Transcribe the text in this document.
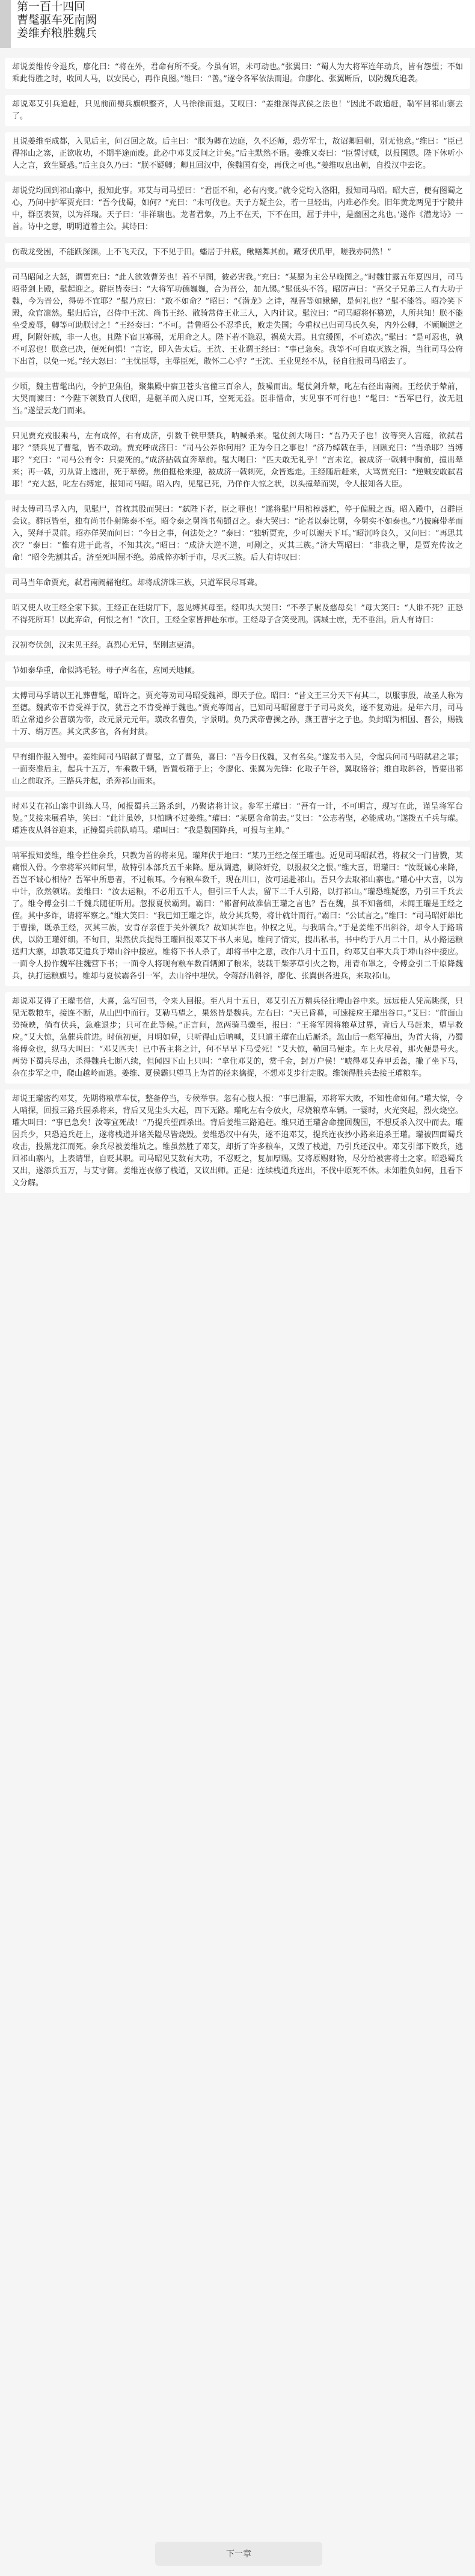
第一百十四回
曹髦驱车死南阙
姜维弃粮胜魏兵
却说姜维传令退兵，廖化曰：“将在外，君命有所不受。今虽有诏，未可动也。”张翼曰：“蜀人为大将军连年动兵，皆有怨望；不如乘此得胜之时，收回人马，以安民心，再作良图。”维曰：“善。”遂令各军依法而退。命廖化、张翼断后，以防魏兵追袭。
却说邓艾引兵追赶，只见前面蜀兵旗帜整齐，人马徐徐而退。艾叹曰：“姜维深得武侯之法也！”因此不敢追赶，勒军回祁山寨去了。
且说姜维至成都，入见后主，问召回之故。后主曰：“朕为卿在边庭，久不还师，恐劳军士，故诏卿回朝，别无他意。”维曰：“臣已得祁山之寨，正欲收功，不期半途而废。此必中邓艾反间之计矣。”后主默然不语。姜维又奏曰：“臣誓讨贼，以报国恩。陛下休听小人之言，致生疑惑。”后主良久乃曰：“朕不疑卿；卿且回汉中，俟魏国有变，再伐之可也。”姜维叹息出朝，自投汉中去讫。
却说党均回到祁山寨中，报知此事。邓艾与司马望曰：“君臣不和，必有内变。”就令党均入洛阳，报知司马昭。昭大喜，便有图蜀之心，乃问中护军贾充曰：“吾今伐蜀，如何？”充曰：“未可伐也。天子方疑主公，若一旦轻出，内难必作矣。旧年黄龙两见于宁陵井中，群臣表贺，以为祥瑞。天子曰：‘非祥瑞也。龙者君象，乃上不在天，下不在田，屈于井中，是幽困之兆也。’遂作《潜龙诗》一首。诗中之意，明明道着主公。其诗曰：
伤哉龙受困，不能跃深渊。上不飞天汉，下不见于田。蟠居于井底，鳅鳝舞其前。藏牙伏爪甲，嗟我亦同然！”
司马昭闻之大怒，谓贾充曰：“此人欲效曹芳也！若不早图，彼必害我。”充曰：“某愿为主公早晚图之。”时魏甘露五年夏四月，司马昭带剑上殿，髦起迎之。群臣皆奏曰：“大将军功德巍巍，合为晋公，加九锡。”髦低头不答。昭厉声曰：“吾父子兄弟三人有大功于魏，今为晋公，得毋不宜耶？”髦乃应曰：“敢不如命？”昭曰：“《潜龙》之诗，视吾等如鳅鳝，是何礼也？”髦不能答。昭冷笑下殿，众官凛然。髦归后宫，召侍中王沈、尚书王经、散骑常侍王业三人，入内计议。髦泣曰：“司马昭将怀篡逆，人所共知！朕不能坐受废辱，卿等可助朕讨之！”王经奏曰：“不可。昔鲁昭公不忍季氏，败走失国；今重权已归司马氏久矣，内外公卿，不顾顺逆之理，阿附奸贼，非一人也。且陛下宿卫寡弱，无用命之人。陛下若不隐忍，祸莫大焉。且宜缓图，不可造次。”髦曰：“是可忍也，孰不可忍也！朕意已决，便死何惧！”言讫，即入告太后。王沈、王业谓王经曰：“事已急矣。我等不可自取灭族之祸，当往司马公府下出首，以免一死。”经大怒曰：“主忧臣辱，主辱臣死，敢怀二心乎？”王沈、王业见经不从，径自往报司马昭去了。
少顷，魏主曹髦出内，令护卫焦伯，聚集殿中宿卫苍头官僮三百余人，鼓噪而出。髦仗剑升辇，叱左右径出南阙。王经伏于辇前，大哭而谏曰：“今陛下领数百人伐昭，是驱羊而入虎口耳，空死无益。臣非惜命，实见事不可行也！”髦曰：“吾军已行，汝无阻当。”遂望云龙门而来。
只见贾充戎服乘马，左有成倅，右有成济，引数千铁甲禁兵，呐喊杀来。髦仗剑大喝曰：“吾乃天子也！汝等突入宫庭，欲弑君耶？”禁兵见了曹髦，皆不敢动。贾充呼成济曰：“司马公养你何用？正为今日之事也！”济乃绰戟在手，回顾充曰：“当杀耶？当缚耶？”充曰：“司马公有令：只要死的。”成济拈戟直奔辇前。髦大喝曰：“匹夫敢无礼乎！”言未讫，被成济一戟刺中胸前，撞出辇来；再一戟，刃从背上透出，死于辇傍。焦伯挺枪来迎，被成济一戟刺死，众皆逃走。王经随后赶来，大骂贾充曰：“逆贼安敢弑君耶！”充大怒，叱左右缚定，报知司马昭。昭入内，见髦已死，乃佯作大惊之状，以头撞辇而哭，令人报知各大臣。
时太傅司马孚入内，见髦尸，首枕其股而哭曰：“弑陛下者，臣之罪也！”遂将髦尸用棺椁盛贮，停于偏殿之西。昭入殿中，召群臣会议。群臣皆至，独有尚书仆射陈泰不至。昭令泰之舅尚书荀顗召之。泰大哭曰：“论者以泰比舅，今舅实不如泰也。”乃披麻带孝而入，哭拜于灵前。昭亦佯哭而问曰：“今日之事，何法处之？”泰曰：“独斩贾充，少可以谢天下耳。”昭沉吟良久，又问曰：“再思其次？”泰曰：“惟有进于此者，不知其次。”昭曰：“成济大逆不道，可剐之，灭其三族。”济大骂昭曰：“非我之罪，是贾充传汝之命！”昭令先割其舌。济至死叫屈不绝。弟成倅亦斩于市，尽灭三族。后人有诗叹曰：
司马当年命贾充，弑君南阙赭袍红。却将成济诛三族，只道军民尽耳聋。
昭又使人收王经全家下狱。王经正在廷尉厅下，忽见缚其母至。经叩头大哭曰：“不孝子累及慈母矣！”母大笑曰：“人谁不死？正恐不得死所耳！以此弃命，何恨之有！”次日，王经全家皆押赴东市。王经母子含笑受刑。满城士庶，无不垂泪。后人有诗曰：
汉初夸伏剑，汉末见王经。真烈心无异，坚刚志更清。
节如泰华重，命似鸿毛轻。母子声名在，应同天地倾。
太傅司马孚请以王礼葬曹髦，昭许之。贾充等劝司马昭受魏禅，即天子位。昭曰：“昔文王三分天下有其二，以服事殷，故圣人称为至德。魏武帝不肯受禅于汉，犹吾之不肯受禅于魏也。”贾充等闻言，已知司马昭留意于子司马炎矣，遂不复劝进。是年六月，司马昭立常道乡公曹璜为帝，改元景元元年。璜改名曹奂，字景明。奂乃武帝曹操之孙，燕王曹宇之子也。奂封昭为相国、晋公，赐钱十万、绢万匹。其文武多官，各有封赏。
早有细作报入蜀中。姜维闻司马昭弑了曹髦，立了曹奂，喜曰：“吾今日伐魏，又有名矣。”遂发书入吴，令起兵问司马昭弑君之罪；一面奏准后主，起兵十五万，车乘数千辆，皆置板箱于上；令廖化、张翼为先锋：化取子午谷，翼取骆谷；维自取斜谷，皆要出祁山之前取齐。三路兵并起，杀奔祁山而来。
时邓艾在祁山寨中训练人马，闻报蜀兵三路杀到，乃聚诸将计议。参军王瓘曰：“吾有一计，不可明言，现写在此，谨呈将军台览。”艾接来展看毕，笑曰：“此计虽妙，只怕瞒不过姜维。”瓘曰：“某愿舍命前去。”艾曰：“公志若坚，必能成功。”遂拨五千兵与瓘。瓘连夜从斜谷迎来，正撞蜀兵前队哨马。瓘叫曰：“我是魏国降兵，可报与主帅。”
哨军报知姜维，维令拦住余兵，只教为首的将来见。瓘拜伏于地曰：“某乃王经之侄王瓘也。近见司马昭弑君，将叔父一门皆戮，某痛恨入骨。今幸将军兴师问罪，故特引本部兵五千来降。愿从调遣，剿除奸党，以报叔父之恨。”维大喜，谓瓘曰：“汝既诚心来降，吾岂不诚心相待？吾军中所患者，不过粮耳。今有粮车数千，现在川口，汝可运赴祁山。吾只今去取祁山寨也。”瓘心中大喜，以为中计，欣然领诺。姜维曰：“汝去运粮，不必用五千人，但引三千人去，留下二千人引路，以打祁山。”瓘恐维疑惑，乃引三千兵去了。维令傅佥引二千魏兵随征听用。忽报夏侯霸到。霸曰：“都督何故准信王瓘之言也？吾在魏，虽不知备细，未闻王瓘是王经之侄。其中多诈，请将军察之。”维大笑曰：“我已知王瓘之诈，故分其兵势，将计就计而行。”霸曰：“公试言之。”维曰：“司马昭奸雄比于曹操，既杀王经，灭其三族，安肯存亲侄于关外领兵？故知其诈也。仲权之见，与我暗合。”于是姜维不出斜谷，却令人于路暗伏，以防王瓘奸细。不旬日，果然伏兵捉得王瓘回报邓艾下书人来见。维问了情实，搜出私书，书中约于八月二十日，从小路运粮送归大寨，却教邓艾遣兵于墆山谷中接应。维将下书人杀了，却将书中之意，改作八月十五日，约邓艾自率大兵于墆山谷中接应。一面令人扮作魏军往魏营下书；一面令人将现有粮车数百辆卸了粮米，装载干柴茅草引火之物，用青布罩之，令傅佥引二千原降魏兵，执打运粮旗号。维却与夏侯霸各引一军，去山谷中埋伏。令蒋舒出斜谷，廖化、张翼俱各进兵，来取祁山。
却说邓艾得了王瓘书信，大喜，急写回书，令来人回报。至八月十五日，邓艾引五万精兵径往墆山谷中来。远远使人凭高眺探，只见无数粮车，接连不断，从山凹中而行。艾勒马望之，果然皆是魏兵。左右曰：“天已昏暮，可速接应王瓘出谷口。”艾曰：“前面山势掩映，倘有伏兵，急难退步；只可在此等候。”正言间，忽两骑马骤至，报曰：“王将军因将粮草过界，背后人马赶来，望早救应。”艾大惊，急催兵前进。时值初更，月明如昼，只听得山后呐喊，艾只道王瓘在山后厮杀。忽山后一彪军撞出，为首大将，乃蜀将傅佥也，纵马大叫曰：“邓艾匹夫！已中吾主将之计，何不早早下马受死！”艾大惊，勒回马便走。车上火尽着，那火便是号火。两势下蜀兵尽出，杀得魏兵七断八续，但闻四下山上只叫：“拿住邓艾的，赏千金，封万户侯！”唬得邓艾弃甲丢盔，撇了坐下马，杂在步军之中，爬山越岭而逃。姜维、夏侯霸只望马上为首的径来擒捉，不想邓艾步行走脱。维领得胜兵去接王瓘粮车。
却说王瓘密约邓艾，先期将粮草车仗，整备停当，专候举事。忽有心腹人报：“事已泄漏，邓将军大败，不知性命如何。”瓘大惊，令人哨探，回报三路兵围杀将来，背后又见尘头大起，四下无路。瓘叱左右令放火，尽烧粮草车辆。一霎时，火光突起，烈火烧空。瓘大叫曰：“事已急矣！汝等宜死战！”乃提兵望西杀出。背后姜维三路追赶。维只道王瓘舍命撞回魏国，不想反杀入汉中而去。瓘因兵少，只恐追兵赶上，遂将栈道并诸关隘尽皆烧毁。姜维恐汉中有失，遂不追邓艾，提兵连夜抄小路来追杀王瓘。瓘被四面蜀兵攻击，投黑龙江而死。余兵尽被姜维坑之。维虽然胜了邓艾，却折了许多粮车，又毁了栈道，乃引兵还汉中。邓艾引部下败兵，逃回祁山寨内，上表请罪，自贬其职。司马昭见艾数有大功，不忍贬之，复加厚赐。艾将原赐财物，尽分给被害将士之家。昭恐蜀兵又出，遂添兵五万，与艾守御。姜维连夜修了栈道，又议出师。正是：连续栈道兵连出，不伐中原死不休。未知胜负如何，且看下文分解。
下一章
